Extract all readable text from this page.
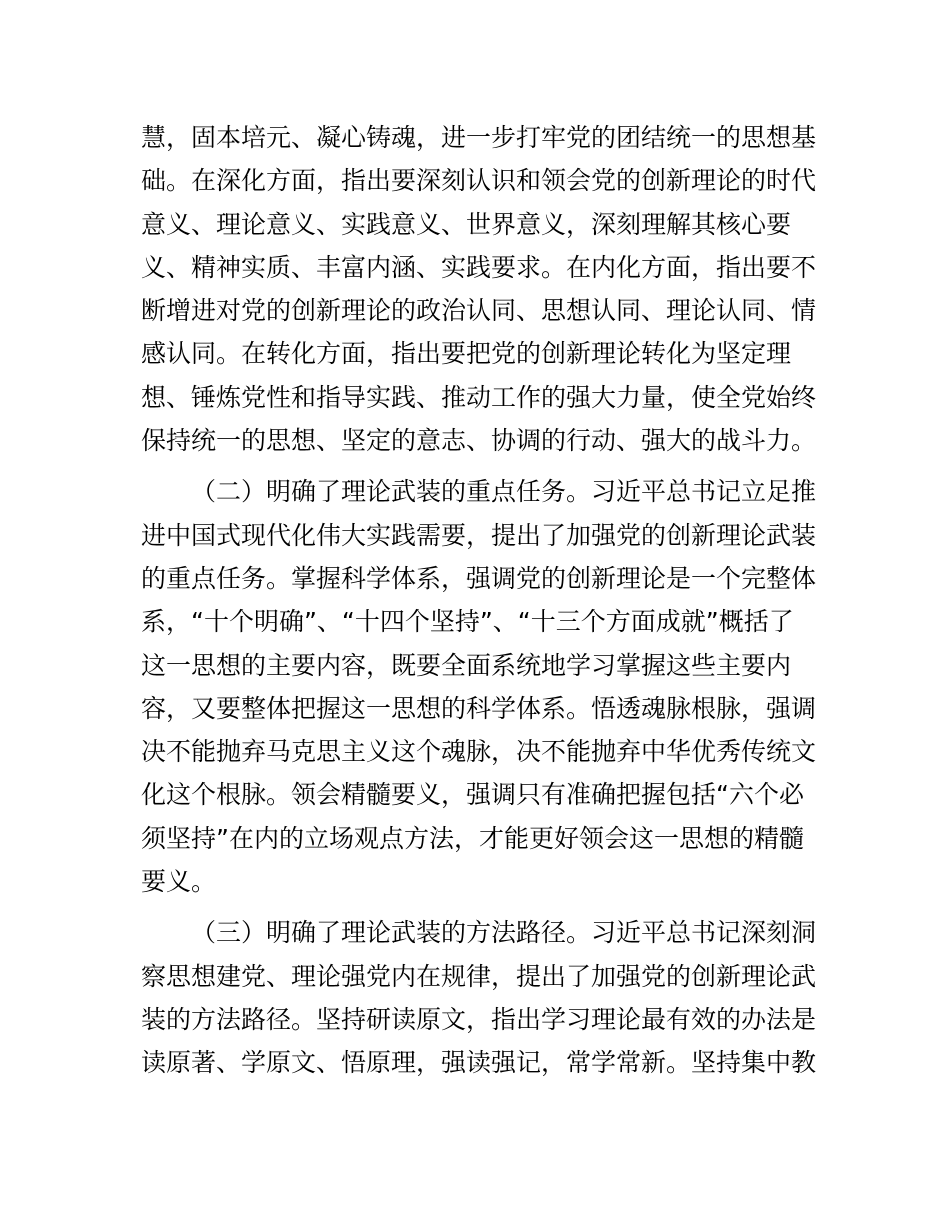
慧，固本培元、凝心铸魂，进一步打牢党的团结统一的思想基
础。在深化方面，指出要深刻认识和领会党的创新理论的时代
意义、理论意义、实践意义、世界意义，深刻理解其核心要
义、精神实质、丰富内涵、实践要求。在内化方面，指出要不
断增进对党的创新理论的政治认同、思想认同、理论认同、情
感认同。在转化方面，指出要把党的创新理论转化为坚定理
想、锤炼党性和指导实践、推动工作的强大力量，使全党始终
保持统一的思想、坚定的意志、协调的行动、强大的战斗力。
（二）明确了理论武装的重点任务。习近平总书记立足推
进中国式现代化伟大实践需要，提出了加强党的创新理论武装
的重点任务。掌握科学体系，强调党的创新理论是一个完整体
系，“十个明确”、“十四个坚持”、“十三个方面成就”概括了
这一思想的主要内容，既要全面系统地学习掌握这些主要内
容，又要整体把握这一思想的科学体系。悟透魂脉根脉，强调
决不能抛弃马克思主义这个魂脉，决不能抛弃中华优秀传统文
化这个根脉。领会精髓要义，强调只有准确把握包括“六个必
须坚持”在内的立场观点方法，才能更好领会这一思想的精髓
要义。
（三）明确了理论武装的方法路径。习近平总书记深刻洞
察思想建党、理论强党内在规律，提出了加强党的创新理论武
装的方法路径。坚持研读原文，指出学习理论最有效的办法是
读原著、学原文、悟原理，强读强记，常学常新。坚持集中教
